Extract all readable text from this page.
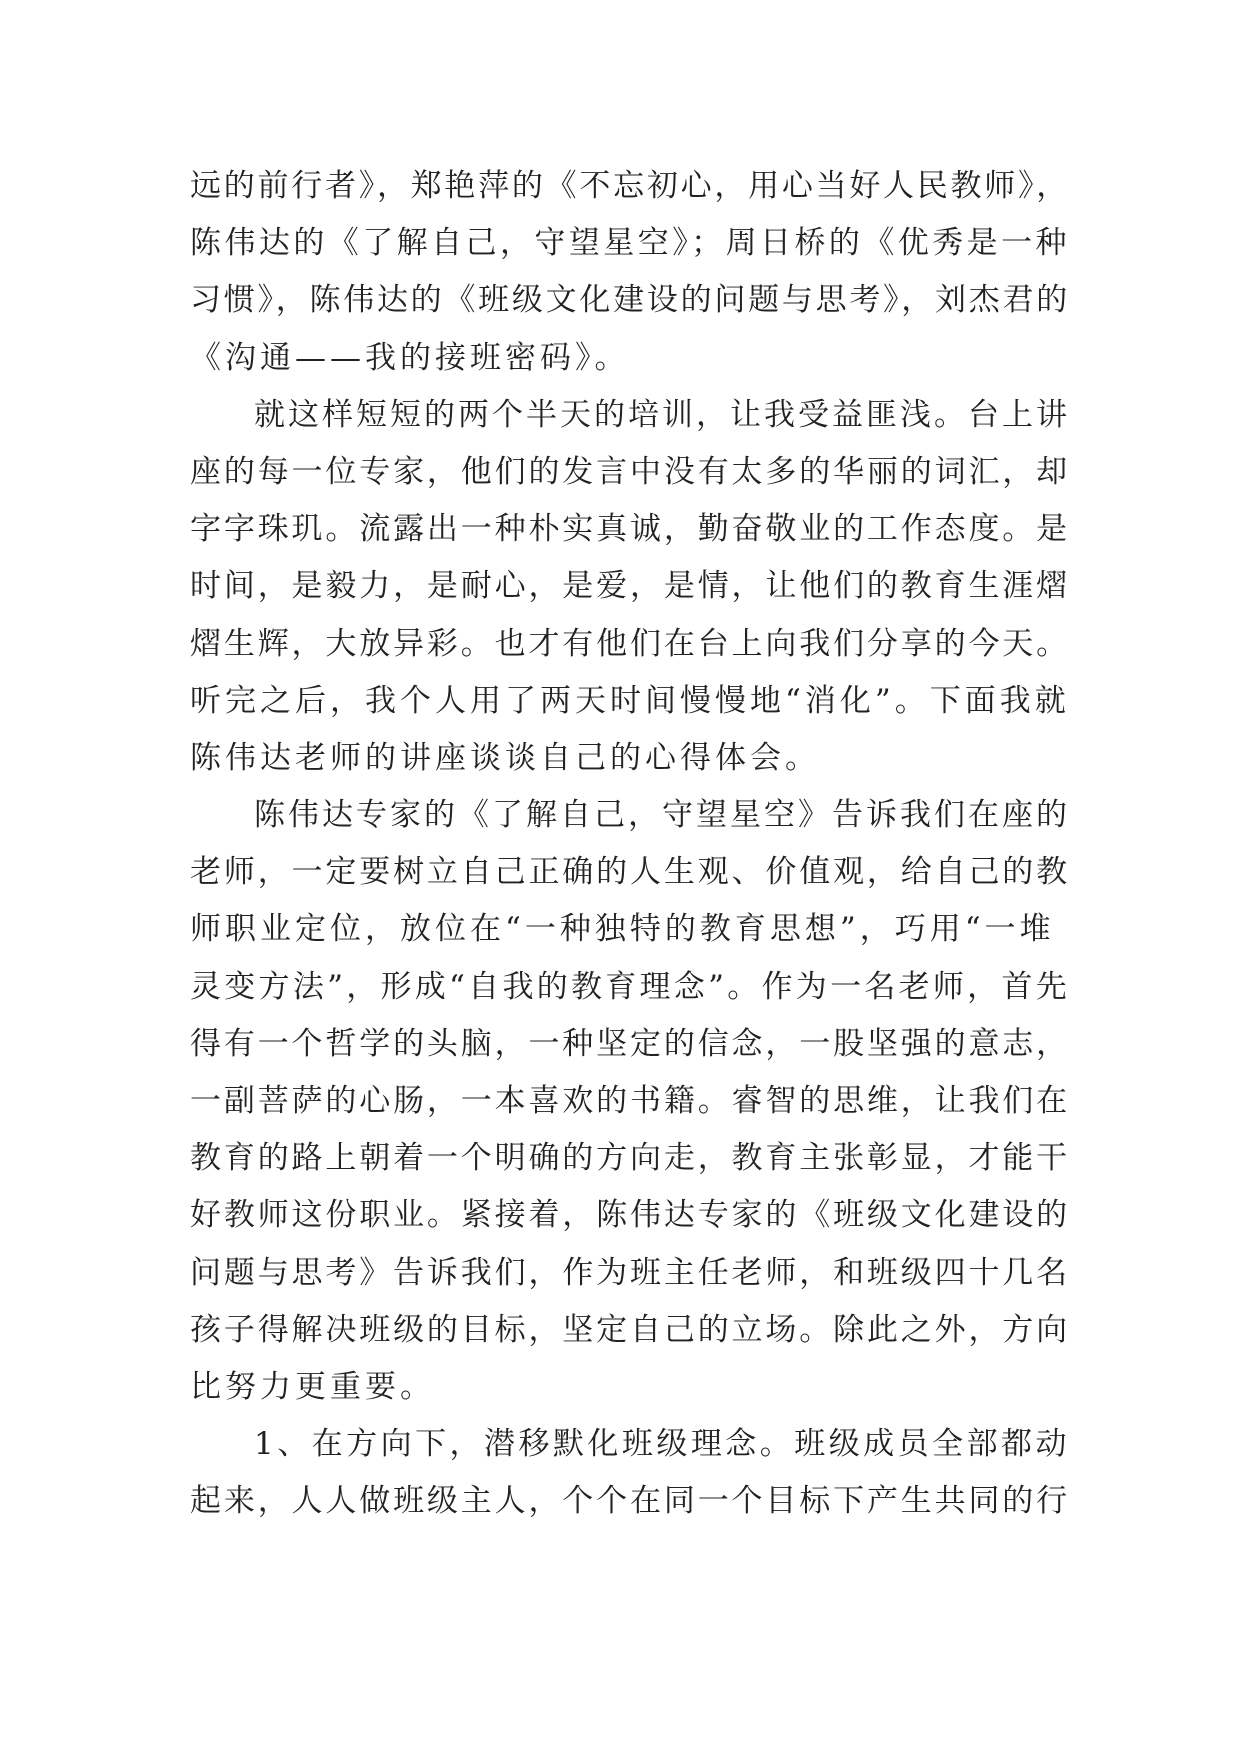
远的前行者》，郑艳萍的《不忘初心，用心当好人民教师》，
陈伟达的《了解自己，守望星空》；周日桥的《优秀是一种
习惯》，陈伟达的《班级文化建设的问题与思考》，刘杰君的
《沟通——我的接班密码》。
就这样短短的两个半天的培训，让我受益匪浅。台上讲
座的每一位专家，他们的发言中没有太多的华丽的词汇，却
字字珠玑。流露出一种朴实真诚，勤奋敬业的工作态度。是
时间，是毅力，是耐心，是爱，是情，让他们的教育生涯熠
熠生辉，大放异彩。也才有他们在台上向我们分享的今天。
听完之后，我个人用了两天时间慢慢地“消化”。下面我就
陈伟达老师的讲座谈谈自己的心得体会。
陈伟达专家的《了解自己，守望星空》告诉我们在座的
老师，一定要树立自己正确的人生观、价值观，给自己的教
师职业定位，放位在“一种独特的教育思想”，巧用“一堆
灵变方法”，形成“自我的教育理念”。作为一名老师，首先
得有一个哲学的头脑，一种坚定的信念，一股坚强的意志，
一副菩萨的心肠，一本喜欢的书籍。睿智的思维，让我们在
教育的路上朝着一个明确的方向走，教育主张彰显，才能干
好教师这份职业。紧接着，陈伟达专家的《班级文化建设的
问题与思考》告诉我们，作为班主任老师，和班级四十几名
孩子得解决班级的目标，坚定自己的立场。除此之外，方向
比努力更重要。
1、在方向下，潜移默化班级理念。班级成员全部都动
起来，人人做班级主人，个个在同一个目标下产生共同的行
